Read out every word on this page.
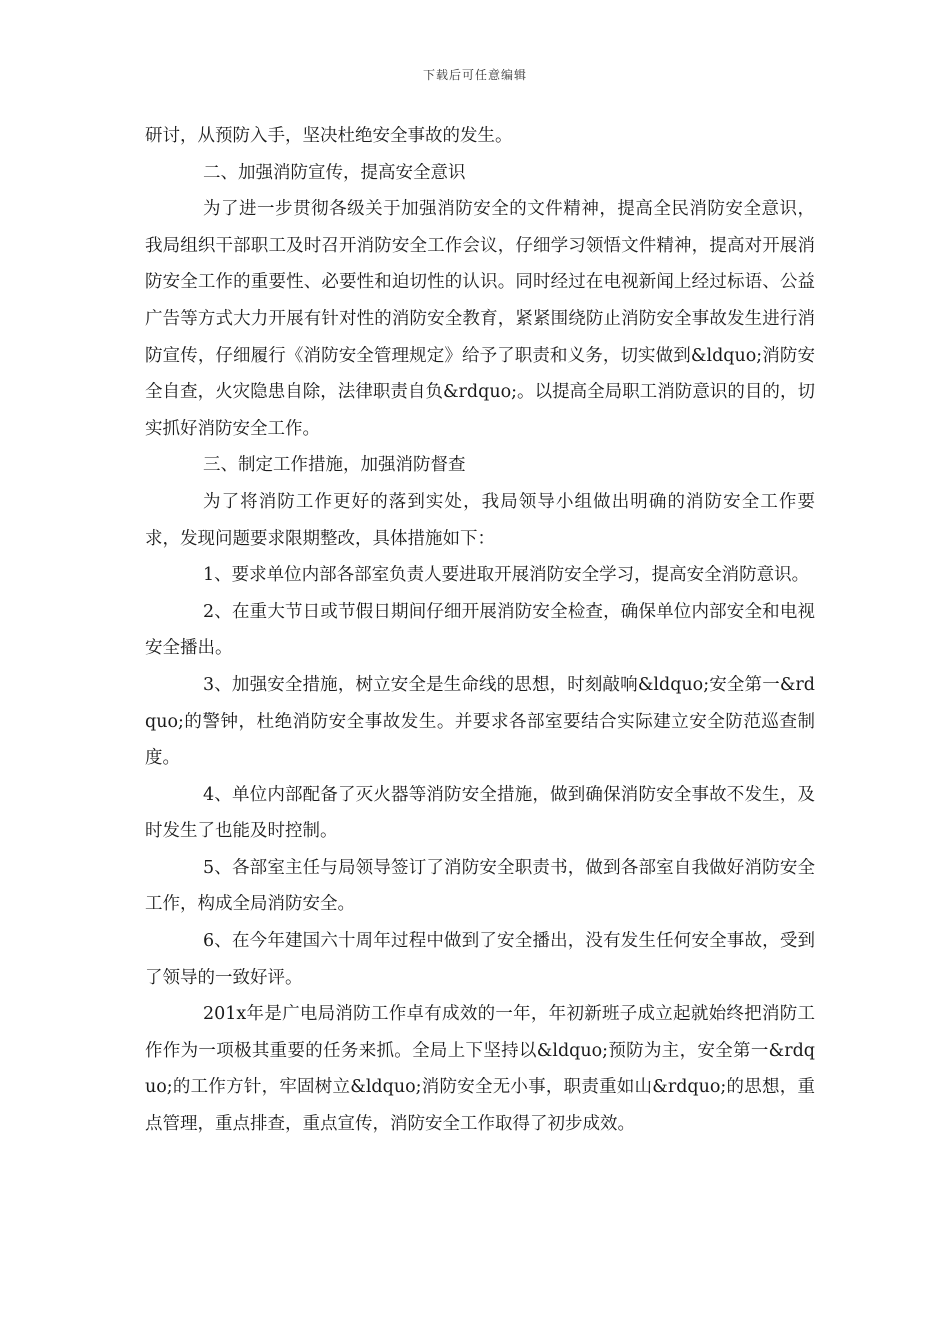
下载后可任意编辑

研讨，从预防入手，坚决杜绝安全事故的发生。

二、加强消防宣传，提高安全意识

为了进一步贯彻各级关于加强消防安全的文件精神，提高全民消防安全意识，我局组织干部职工及时召开消防安全工作会议，仔细学习领悟文件精神，提高对开展消防安全工作的重要性、必要性和迫切性的认识。同时经过在电视新闻上经过标语、公益广告等方式大力开展有针对性的消防安全教育，紧紧围绕防止消防安全事故发生进行消防宣传，仔细履行《消防安全管理规定》给予了职责和义务，切实做到&ldquo;消防安全自查，火灾隐患自除，法律职责自负&rdquo;。以提高全局职工消防意识的目的，切实抓好消防安全工作。

三、制定工作措施，加强消防督查

为了将消防工作更好的落到实处，我局领导小组做出明确的消防安全工作要求，发现问题要求限期整改，具体措施如下：

1、要求单位内部各部室负责人要进取开展消防安全学习，提高安全消防意识。

2、在重大节日或节假日期间仔细开展消防安全检查，确保单位内部安全和电视安全播出。

3、加强安全措施，树立安全是生命线的思想，时刻敲响&ldquo;安全第一&rdquo;的警钟，杜绝消防安全事故发生。并要求各部室要结合实际建立安全防范巡查制度。

4、单位内部配备了灭火器等消防安全措施，做到确保消防安全事故不发生，及时发生了也能及时控制。

5、各部室主任与局领导签订了消防安全职责书，做到各部室自我做好消防安全工作，构成全局消防安全。

6、在今年建国六十周年过程中做到了安全播出，没有发生任何安全事故，受到了领导的一致好评。

201x年是广电局消防工作卓有成效的一年，年初新班子成立起就始终把消防工作作为一项极其重要的任务来抓。全局上下坚持以&ldquo;预防为主，安全第一&rdquo;的工作方针，牢固树立&ldquo;消防安全无小事，职责重如山&rdquo;的思想，重点管理，重点排查，重点宣传，消防安全工作取得了初步成效。
